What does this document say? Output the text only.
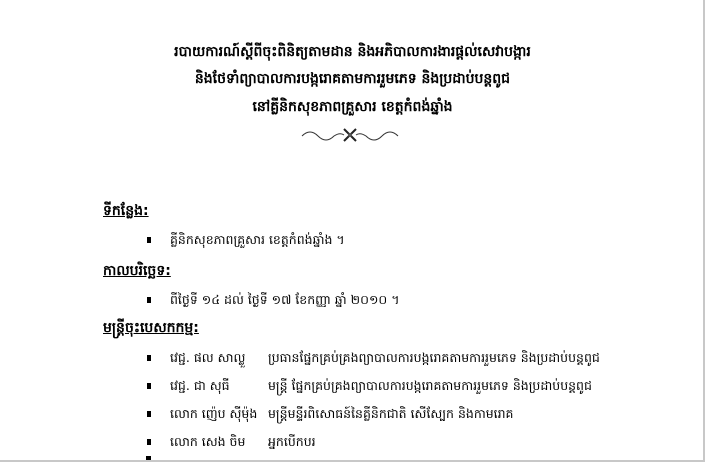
របាយការណ៍ស្តីពីចុះពិនិត្យតាមដាន និងអភិបាលការងារផ្តល់សេវាបង្ការ
និងថែទាំព្យាបាលការបង្ករោគតាមការរួមភេទ និងប្រដាប់បន្តពូជ
នៅគ្លីនិកសុខភាពគ្រួសារ ខេត្តកំពង់ឆ្នាំង
ទីកន្លែង:
គ្លីនិកសុខភាពគ្រួសារ ខេត្តកំពង់ឆ្នាំង ។
កាលបរិច្ឆេទ:
ពីថ្ងៃទី ១៤ ដល់ ថ្ងៃទី ១៧ ខែកញ្ញា ឆ្នាំ ២០១០ ។
មន្ត្រីចុះបេសកកម្ម:
វេជ្ជ. ផល សាល្លួ ប្រធានផ្នែកគ្រប់គ្រងព្យាបាលការបង្ករោគតាមការរួមភេទ និងប្រដាប់បន្តពូជ
វេជ្ជ. ជា សុធី	មន្ត្រី ផ្នែកគ្រប់គ្រងព្យាបាលការបង្ករោគតាមការរួមភេទ និងប្រដាប់បន្តពូជ
លោក ញ៉េប ស៊ីម៉ុង មន្ត្រីមន្ទីរពិសោធន៍នៃគ្លីនិកជាតិ សើស្បែក និងកាមរោគ
លោក សេង ចិម អ្នកបើកបរ
